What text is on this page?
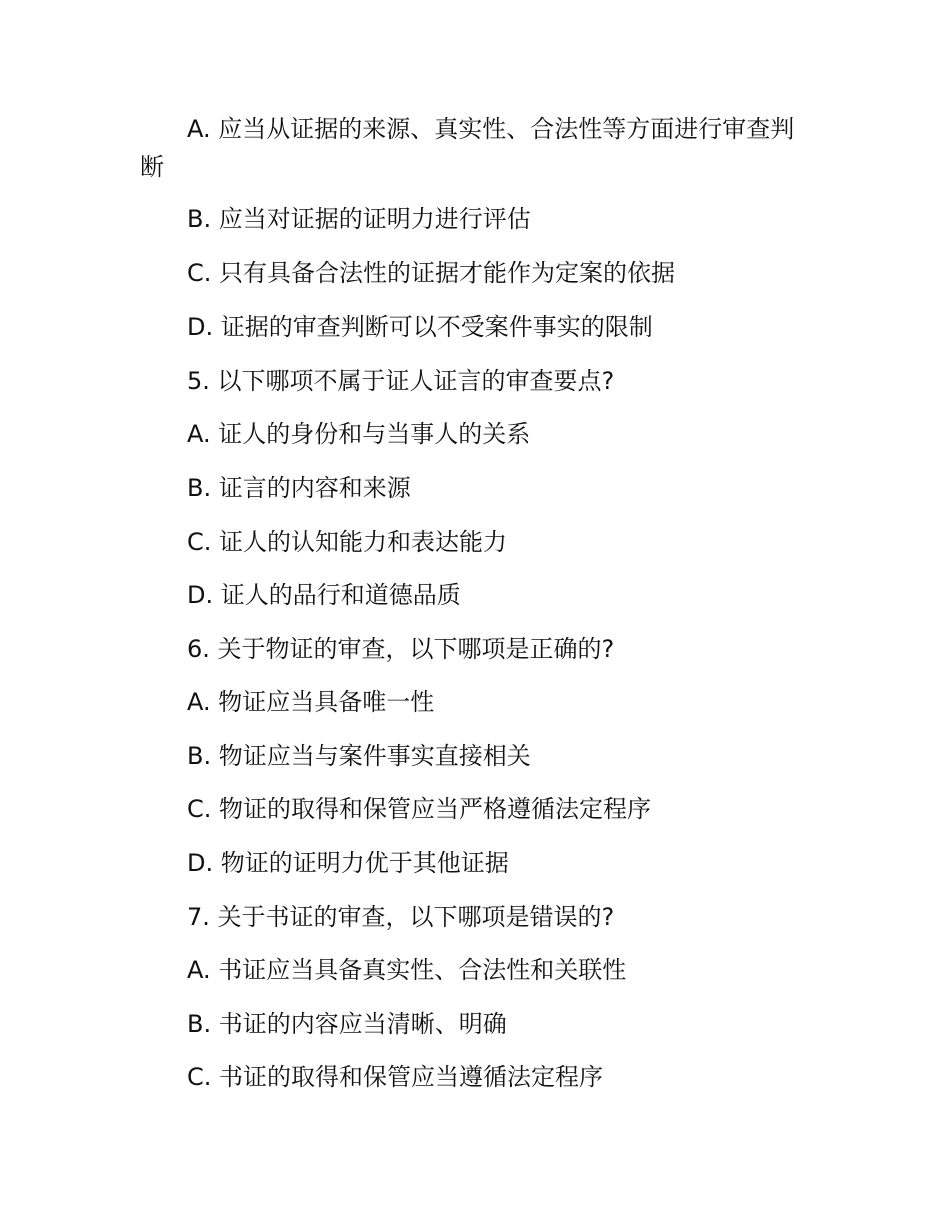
A. 应当从证据的来源、真实性、合法性等方面进行审查判断
B. 应当对证据的证明力进行评估
C. 只有具备合法性的证据才能作为定案的依据
D. 证据的审查判断可以不受案件事实的限制
5. 以下哪项不属于证人证言的审查要点?
A. 证人的身份和与当事人的关系
B. 证言的内容和来源
C. 证人的认知能力和表达能力
D. 证人的品行和道德品质
6. 关于物证的审查，以下哪项是正确的?
A. 物证应当具备唯一性
B. 物证应当与案件事实直接相关
C. 物证的取得和保管应当严格遵循法定程序
D. 物证的证明力优于其他证据
7. 关于书证的审查，以下哪项是错误的?
A. 书证应当具备真实性、合法性和关联性
B. 书证的内容应当清晰、明确
C. 书证的取得和保管应当遵循法定程序
